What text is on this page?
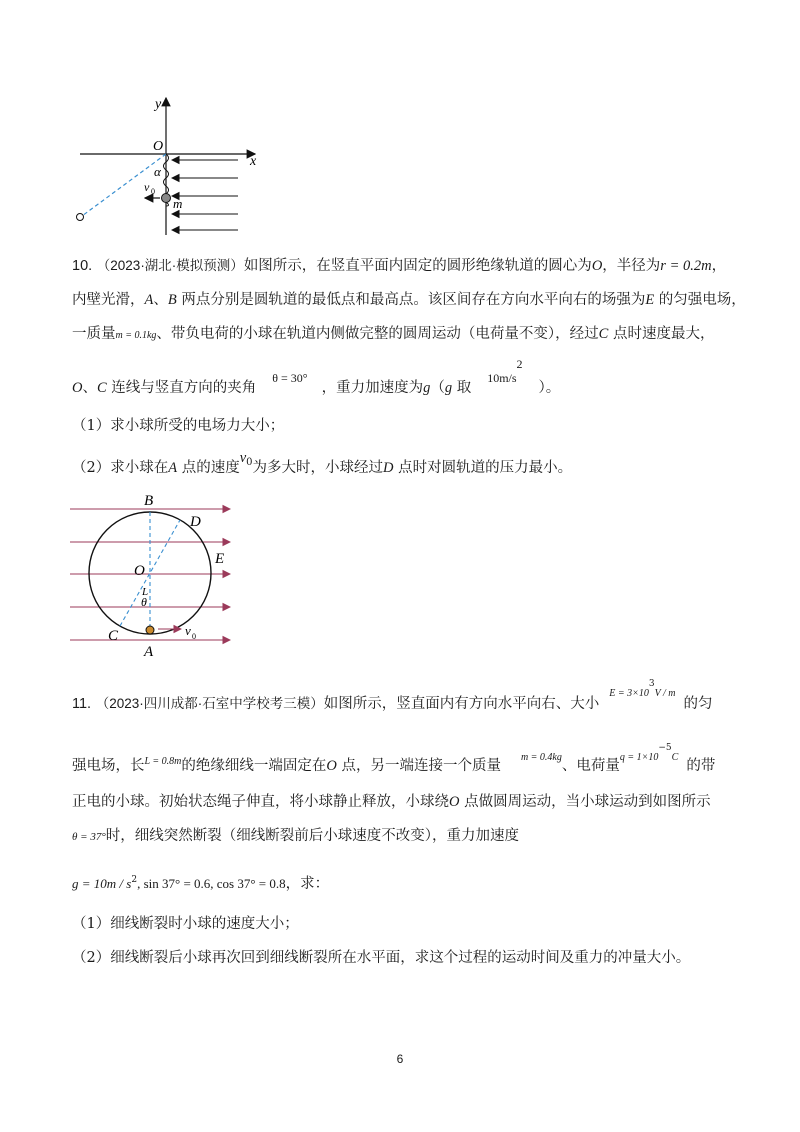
y
x
O
α
v 0
m
10. （2023·湖北·模拟预测）如图所示，在竖直平面内固定的圆形绝缘轨道的圆心为O，半径为r = 0.2m，
内壁光滑，A、B 两点分别是圆轨道的最低点和最高点。该区间存在方向水平向右的场强为E 的匀强电场，
一质量m = 0.1kg、带负电荷的小球在轨道内侧做完整的圆周运动（电荷量不变），经过C 点时速度最大，
O、C 连线与竖直方向的夹角$^{\theta = 30^\circ}$，重力加速度为g（g 取$^{10m/s2}$）。
（1）求小球所受的电场力大小；
（2）求小球在A 点的速度$v^0$为多大时，小球经过D 点时对圆轨道的压力最小。
B
D
E
O
L
θ
C
A
v 0
11. （2023·四川成都·石室中学校考三模）如图所示，竖直面内有方向水平向右、大小$^{E = 3\times 103V / m}$的匀
强电场，长$^{L = 0.8m}$的绝缘细线一端固定在O 点，另一端连接一个质量$^{m = 0.4kg}$、电荷量$^{q = 1\times 10-5C}$的带
正电的小球。初始状态绳子伸直，将小球静止释放，小球绕O 点做圆周运动，当小球运动到如图所示
θ = 37°时，细线突然断裂（细线断裂前后小球速度不改变），重力加速度
$g = 10m / s^2$, sin 37° = 0.6, cos 37° = 0.8，求：
（1）细线断裂时小球的速度大小；
（2）细线断裂后小球再次回到细线断裂所在水平面，求这个过程的运动时间及重力的冲量大小。
6
